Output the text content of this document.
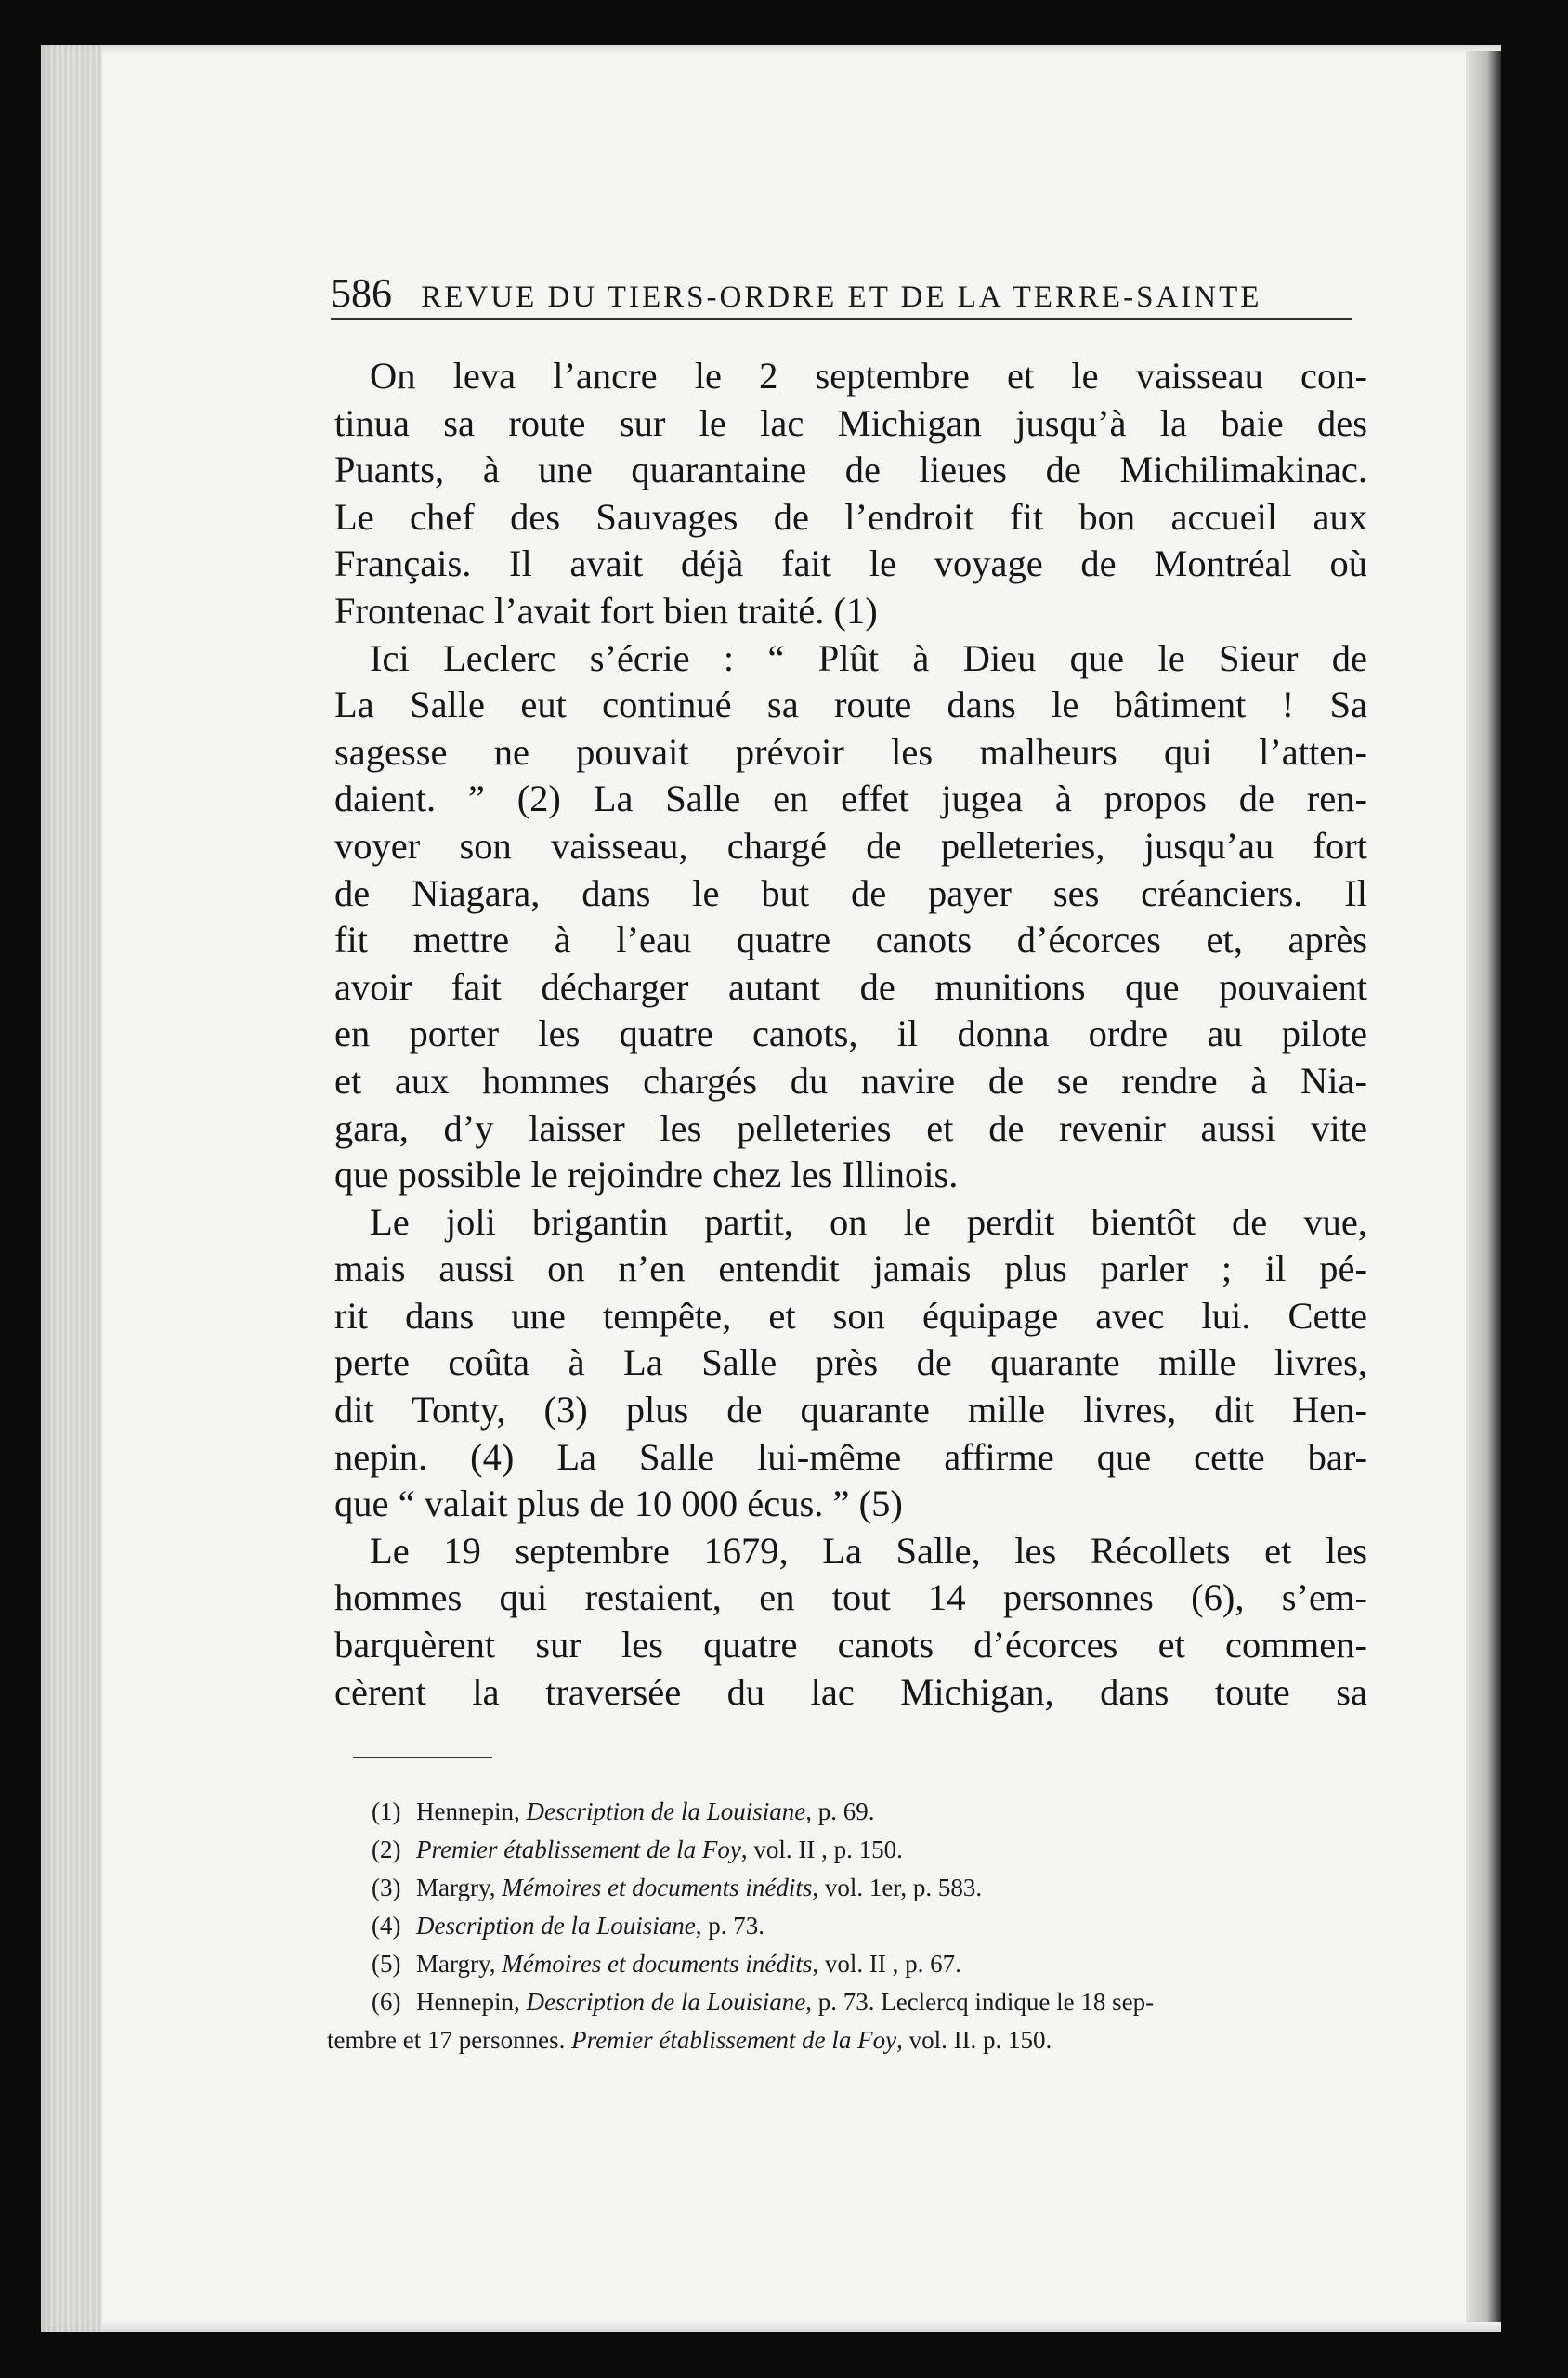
586 REVUE DU TIERS-ORDRE ET DE LA TERRE-SAINTE
On leva l’ancre le 2 septembre et le vaisseau con-
tinua sa route sur le lac Michigan jusqu’à la baie des
Puants, à une quarantaine de lieues de Michilimakinac.
Le chef des Sauvages de l’endroit fit bon accueil aux
Français. Il avait déjà fait le voyage de Montréal où
Frontenac l’avait fort bien traité. (1)
Ici Leclerc s’écrie : “ Plût à Dieu que le Sieur de
La Salle eut continué sa route dans le bâtiment ! Sa
sagesse ne pouvait prévoir les malheurs qui l’atten-
daient. ” (2) La Salle en effet jugea à propos de ren-
voyer son vaisseau, chargé de pelleteries, jusqu’au fort
de Niagara, dans le but de payer ses créanciers. Il
fit mettre à l’eau quatre canots d’écorces et, après
avoir fait décharger autant de munitions que pouvaient
en porter les quatre canots, il donna ordre au pilote
et aux hommes chargés du navire de se rendre à Nia-
gara, d’y laisser les pelleteries et de revenir aussi vite
que possible le rejoindre chez les Illinois.
Le joli brigantin partit, on le perdit bientôt de vue,
mais aussi on n’en entendit jamais plus parler ; il pé-
rit dans une tempête, et son équipage avec lui. Cette
perte coûta à La Salle près de quarante mille livres,
dit Tonty, (3) plus de quarante mille livres, dit Hen-
nepin. (4) La Salle lui-même affirme que cette bar-
que “ valait plus de 10 000 écus. ” (5)
Le 19 septembre 1679, La Salle, les Récollets et les
hommes qui restaient, en tout 14 personnes (6), s’em-
barquèrent sur les quatre canots d’écorces et commen-
cèrent la traversée du lac Michigan, dans toute sa
(1) Hennepin, Description de la Louisiane, p. 69.
(2) Premier établissement de la Foy, vol. II , p. 150.
(3) Margry, Mémoires et documents inédits, vol. 1er, p. 583.
(4) Description de la Louisiane, p. 73.
(5) Margry, Mémoires et documents inédits, vol. II , p. 67.
(6) Hennepin, Description de la Louisiane, p. 73. Leclercq indique le 18 sep-
tembre et 17 personnes. Premier établissement de la Foy, vol. II. p. 150.
